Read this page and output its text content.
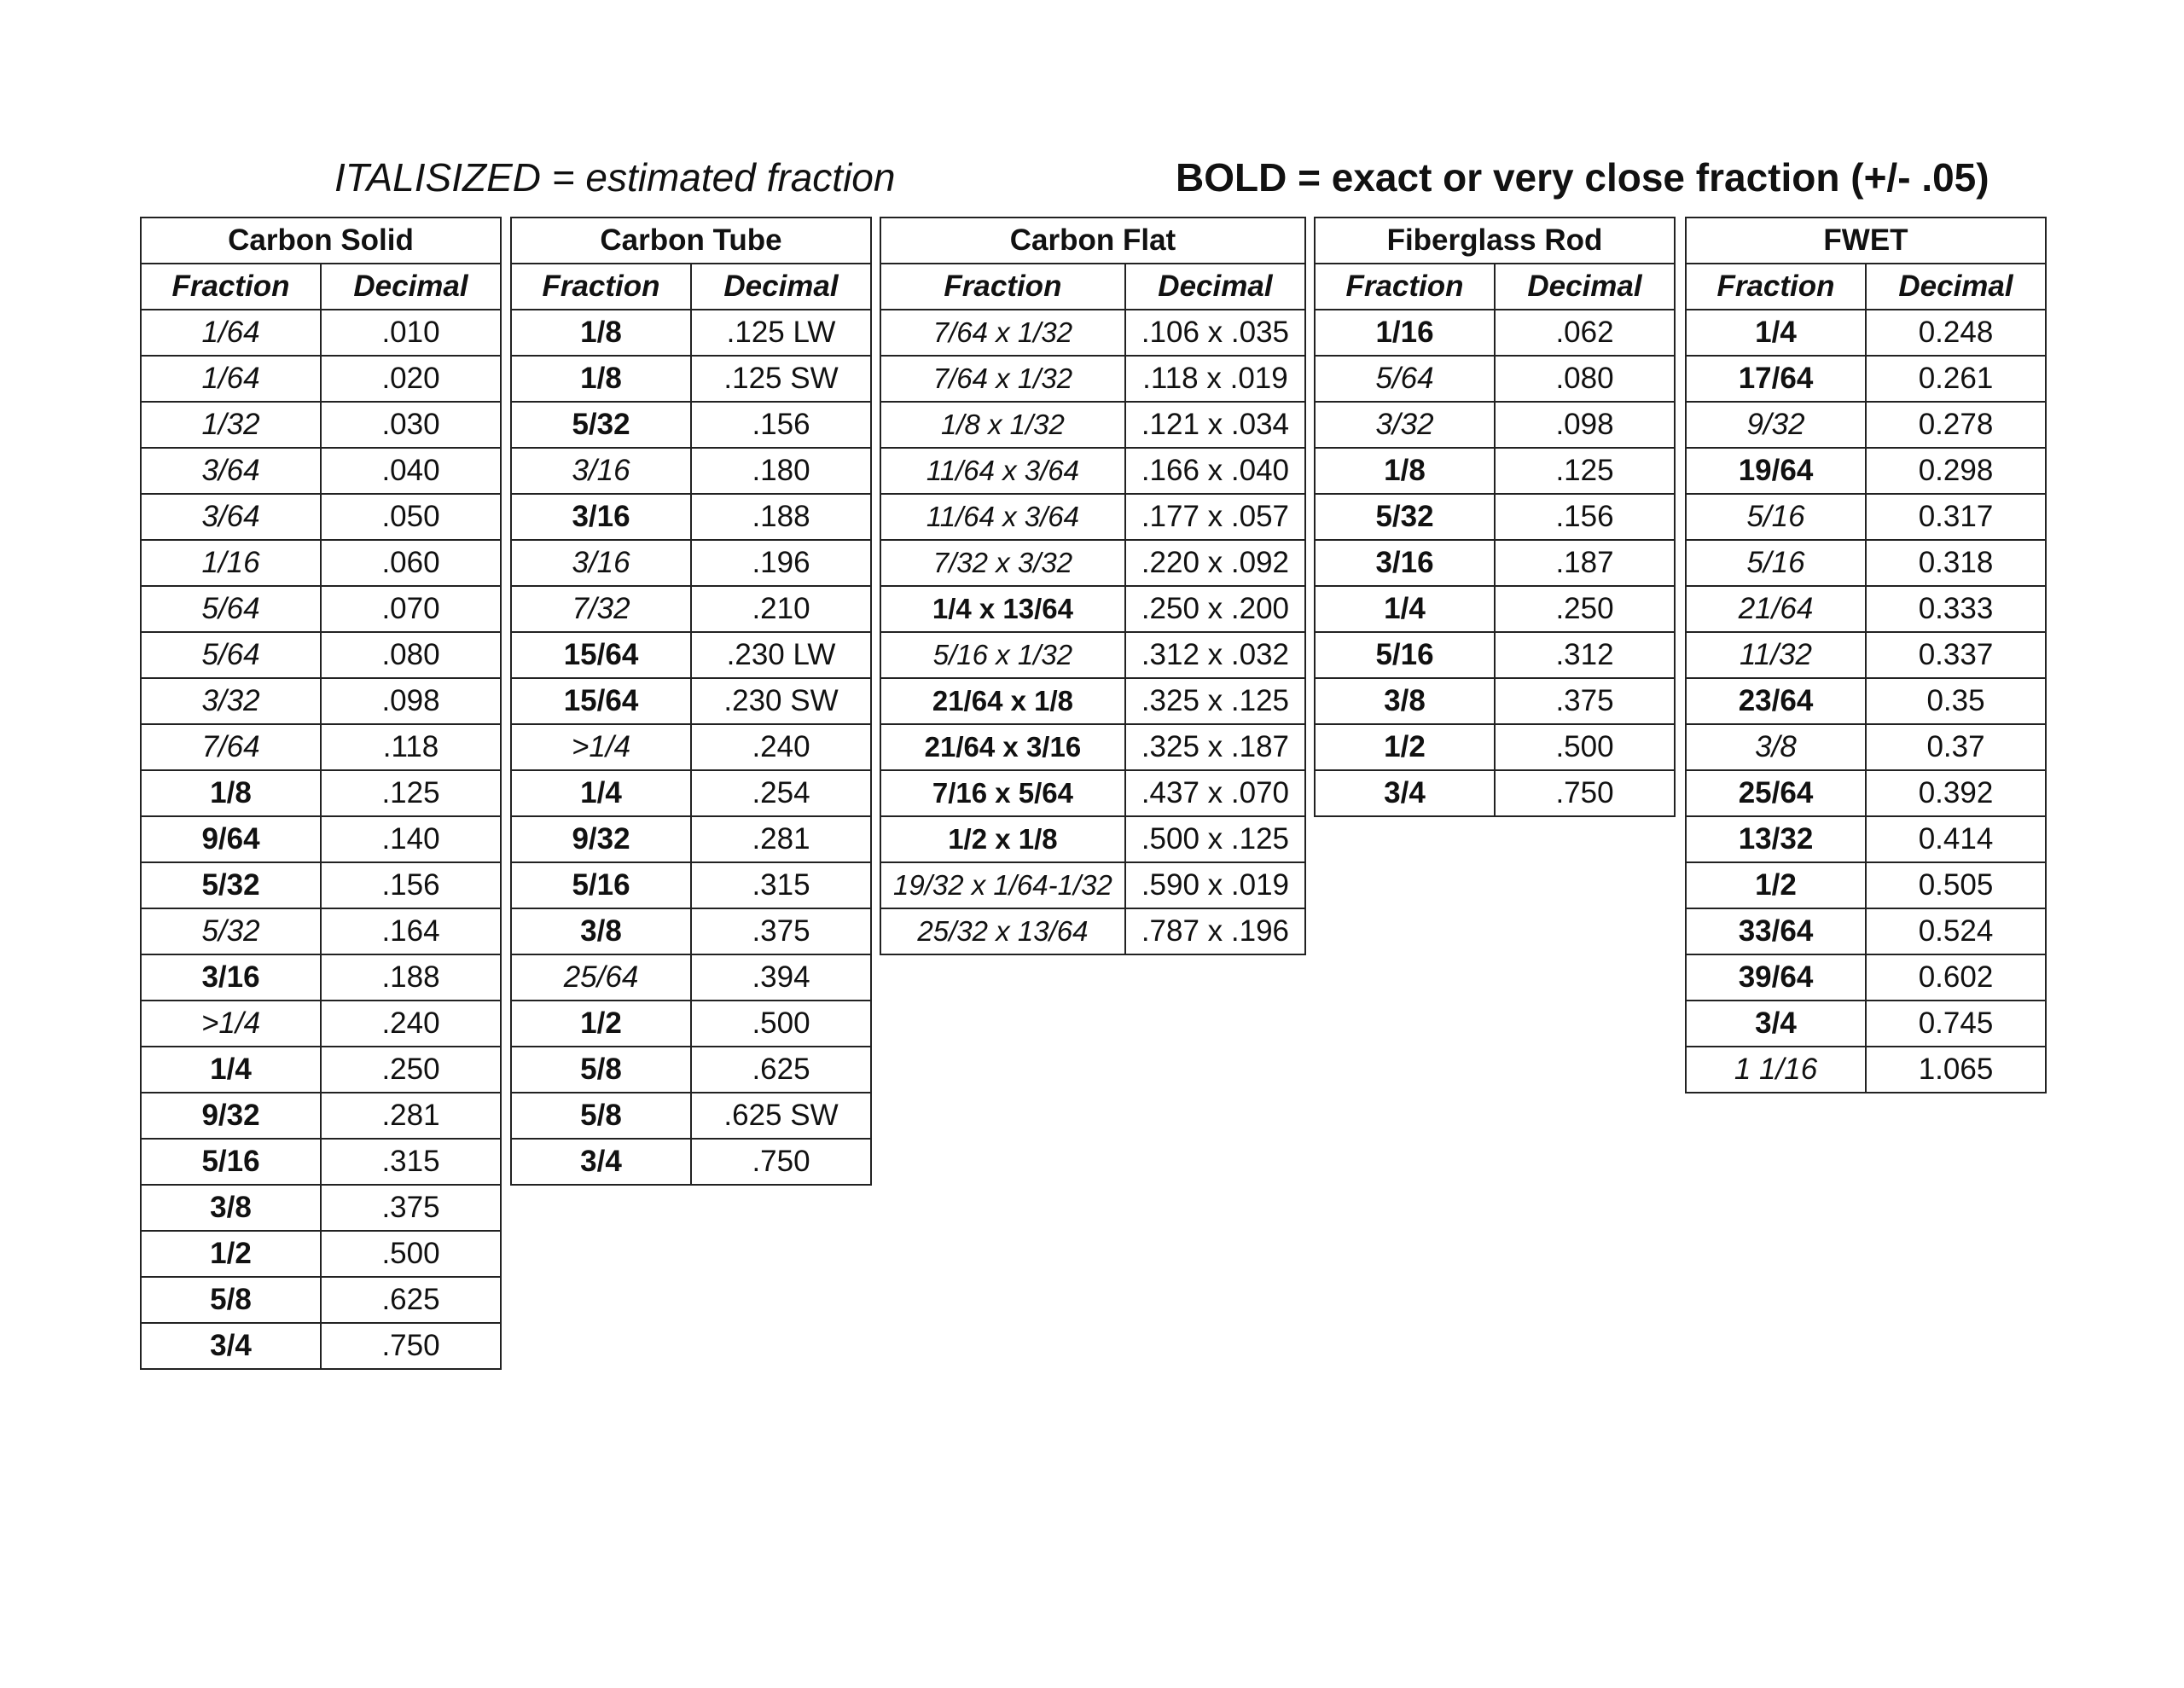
ITALISIZED = estimated fraction	BOLD = exact or very close fraction (+/- .05)
Carbon Solid	
Fraction	Decimal
1/64	.010
1/64	.020
1/32	.030
3/64	.040
3/64	.050
1/16	.060
5/64	.070
5/64	.080
3/32	.098
7/64	.118
1/8	.125
9/64	.140
5/32	.156
5/32	.164
3/16	.188
>1/4	.240
1/4	.250
9/32	.281
5/16	.315
3/8	.375
1/2	.500
5/8	.625
3/4	.750
Carbon Tube	
Fraction	Decimal
1/8	.125 LW
1/8	.125 SW
5/32	.156
3/16	.180
3/16	.188
3/16	.196
7/32	.210
15/64	.230 LW
15/64	.230 SW
>1/4	.240
1/4	.254
9/32	.281
5/16	.315
3/8	.375
25/64	.394
1/2	.500
5/8	.625
5/8	.625 SW
3/4	.750
Carbon Flat	
Fraction	Decimal
7/64 x 1/32	.106 x .035
7/64 x 1/32	.118 x .019
1/8 x 1/32	.121 x .034
11/64 x 3/64	.166 x .040
11/64 x 3/64	.177 x .057
7/32 x 3/32	.220 x .092
1/4 x 13/64	.250 x .200
5/16 x 1/32	.312 x .032
21/64 x 1/8	.325 x .125
21/64 x 3/16	.325 x .187
7/16 x 5/64	.437 x .070
1/2 x 1/8	.500 x .125
19/32 x 1/64-1/32	.590 x .019
25/32 x 13/64	.787 x .196
Fiberglass Rod	
Fraction	Decimal
1/16	.062
5/64	.080
3/32	.098
1/8	.125
5/32	.156
3/16	.187
1/4	.250
5/16	.312
3/8	.375
1/2	.500
3/4	.750
FWET	
Fraction	Decimal
1/4	0.248
17/64	0.261
9/32	0.278
19/64	0.298
5/16	0.317
5/16	0.318
21/64	0.333
11/32	0.337
23/64	0.35
3/8	0.37
25/64	0.392
13/32	0.414
1/2	0.505
33/64	0.524
39/64	0.602
3/4	0.745
1 1/16	1.065
